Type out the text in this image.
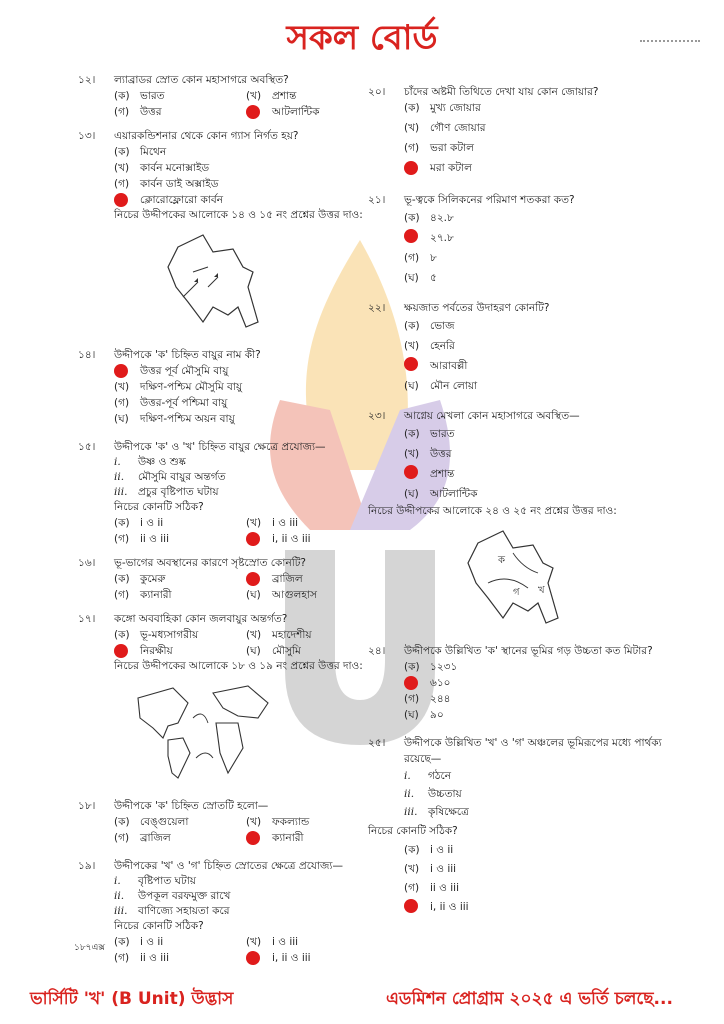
সকল বোর্ড
১২।	ল্যাব্রাডর স্রোত কোন মহাসাগরে অবস্থিত?
(ক) ভারত	(খ) প্রশান্ত
(গ) উত্তর	আটলান্টিক
১৩।	এয়ারকন্ডিশনার থেকে কোন গ্যাস নির্গত হয়?
(ক) মিথেন
(খ) কার্বন মনোক্সাইড
(গ) কার্বন ডাই অক্সাইড
ক্লোরোফ্লোরো কার্বন
নিচের উদ্দীপকের আলোকে ১৪ ও ১৫ নং প্রশ্নের উত্তর দাও:
১৪।	উদ্দীপকে 'ক' চিহ্নিত বায়ুর নাম কী?
উত্তর পূর্ব মৌসুমি বায়ু
(খ) দক্ষিণ-পশ্চিম মৌসুমি বায়ু
(গ) উত্তর-পূর্ব পশ্চিমা বায়ু
(ঘ) দক্ষিণ-পশ্চিম অয়ন বায়ু
১৫।	উদ্দীপকে 'ক' ও 'খ' চিহ্নিত বায়ুর ক্ষেত্রে প্রযোজ্য—
i. উষ্ণ ও শুষ্ক
ii. মৌসুমি বায়ুর অন্তর্গত
iii. প্রচুর বৃষ্টিপাত ঘটায়
নিচের কোনটি সঠিক?
(ক) i ও ii	(খ) i ও iii
(গ) ii ও iii	i, ii ও iii
১৬।	ভূ-ভাগের অবস্থানের কারণে সৃষ্টস্রোত কোনটি?
(ক) কুমেরু	ব্রাজিল
(গ) ক্যানারী	(ঘ) আগুলহাস
১৭।	কঙ্গো অববাহিকা কোন জলবায়ুর অন্তর্গত?
(ক) ভূ-মধ্যসাগরীয়	(খ) মহাদেশীয়
নিরক্ষীয়	(ঘ) মৌসুমি
নিচের উদ্দীপকের আলোকে ১৮ ও ১৯ নং প্রশ্নের উত্তর দাও:
১৮।	উদ্দীপকে 'ক' চিহ্নিত স্রোতটি হলো—
(ক) বেঙ্গুয়েলা	(খ) ফকল্যান্ড
(গ) ব্রাজিল	ক্যানারী
১৯।	উদ্দীপকের 'খ' ও 'গ' চিহ্নিত স্রোতের ক্ষেত্রে প্রযোজ্য—
i. বৃষ্টিপাত ঘটায়
ii. উপকূল বরফমুক্ত রাখে
iii. বাণিজ্যে সহায়তা করে
নিচের কোনটি সঠিক?
(ক) i ও ii	(খ) i ও iii
(গ) ii ও iii	i, ii ও iii
১৮৭এক্স
২০।	চাঁদের অষ্টমী তিথিতে দেখা যায় কোন জোয়ার?
(ক) মুখ্য জোয়ার
(খ) গৌণ জোয়ার
(গ) ভরা কটাল
মরা কটাল
২১।	ভূ-ত্বকে সিলিকনের পরিমাণ শতকরা কত?
(ক) ৪২.৮
২৭.৮
(গ) ৮
(ঘ) ৫
২২।	ক্ষয়জাত পর্বতের উদাহরণ কোনটি?
(ক) ভোজ
(খ) হেনরি
আরাবল্লী
(ঘ) মৌন লোয়া
২৩।	আগ্নেয় মেখলা কোন মহাসাগরে অবস্থিত—
(ক) ভারত
(খ) উত্তর
প্রশান্ত
(ঘ) আটলান্টিক
নিচের উদ্দীপকের আলোকে ২৪ ও ২৫ নং প্রশ্নের উত্তর দাও:
ক
খ
গ
২৪।	উদ্দীপকে উল্লিখিত 'ক' স্থানের ভূমির গড় উচ্চতা কত মিটার?
(ক) ১২৩১
৬১০
(গ) ২৪৪
(ঘ) ৯০
২৫।	উদ্দীপকে উল্লিখিত 'খ' ও 'গ' অঞ্চলের ভূমিরূপের মধ্যে পার্থক্য রয়েছে—
i. গঠনে
ii. উচ্চতায়
iii. কৃষিক্ষেত্রে
নিচের কোনটি সঠিক?
(ক) i ও ii
(খ) i ও iii
(গ) ii ও iii
i, ii ও iii
ভার্সিটি 'খ' (B Unit) উদ্ভাস	এডমিশন প্রোগ্রাম ২০২৫ এ ভর্তি চলছে...
